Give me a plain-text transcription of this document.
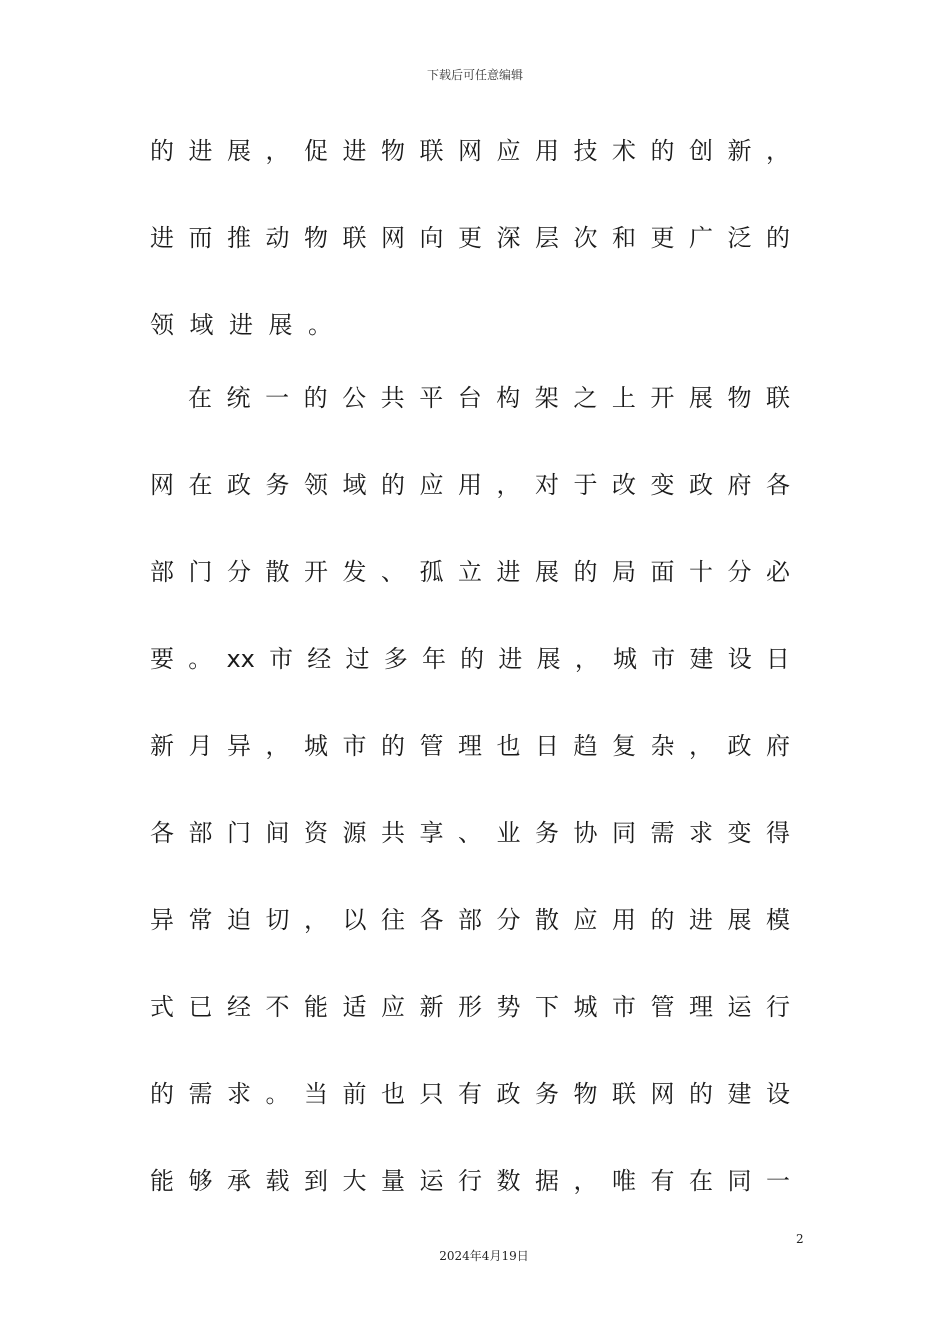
下载后可任意编辑
的 进 展 ， 促 进 物 联 网 应 用 技 术 的 创 新 ，
进 而 推 动 物 联 网 向 更 深 层 次 和 更 广 泛 的
领 域 进 展 。
在 统 一 的 公 共 平 台 构 架 之 上 开 展 物 联
网 在 政 务 领 域 的 应 用 ， 对 于 改 变 政 府 各
部 门 分 散 开 发 、 孤 立 进 展 的 局 面 十 分 必
要 。 xx 市 经 过 多 年 的 进 展 ， 城 市 建 设 日
新 月 异 ， 城 市 的 管 理 也 日 趋 复 杂 ， 政 府
各 部 门 间 资 源 共 享 、 业 务 协 同 需 求 变 得
异 常 迫 切 ， 以 往 各 部 分 散 应 用 的 进 展 模
式 已 经 不 能 适 应 新 形 势 下 城 市 管 理 运 行
的 需 求 。 当 前 也 只 有 政 务 物 联 网 的 建 设
能 够 承 载 到 大 量 运 行 数 据 ， 唯 有 在 同 一
2
2024年4月19日
